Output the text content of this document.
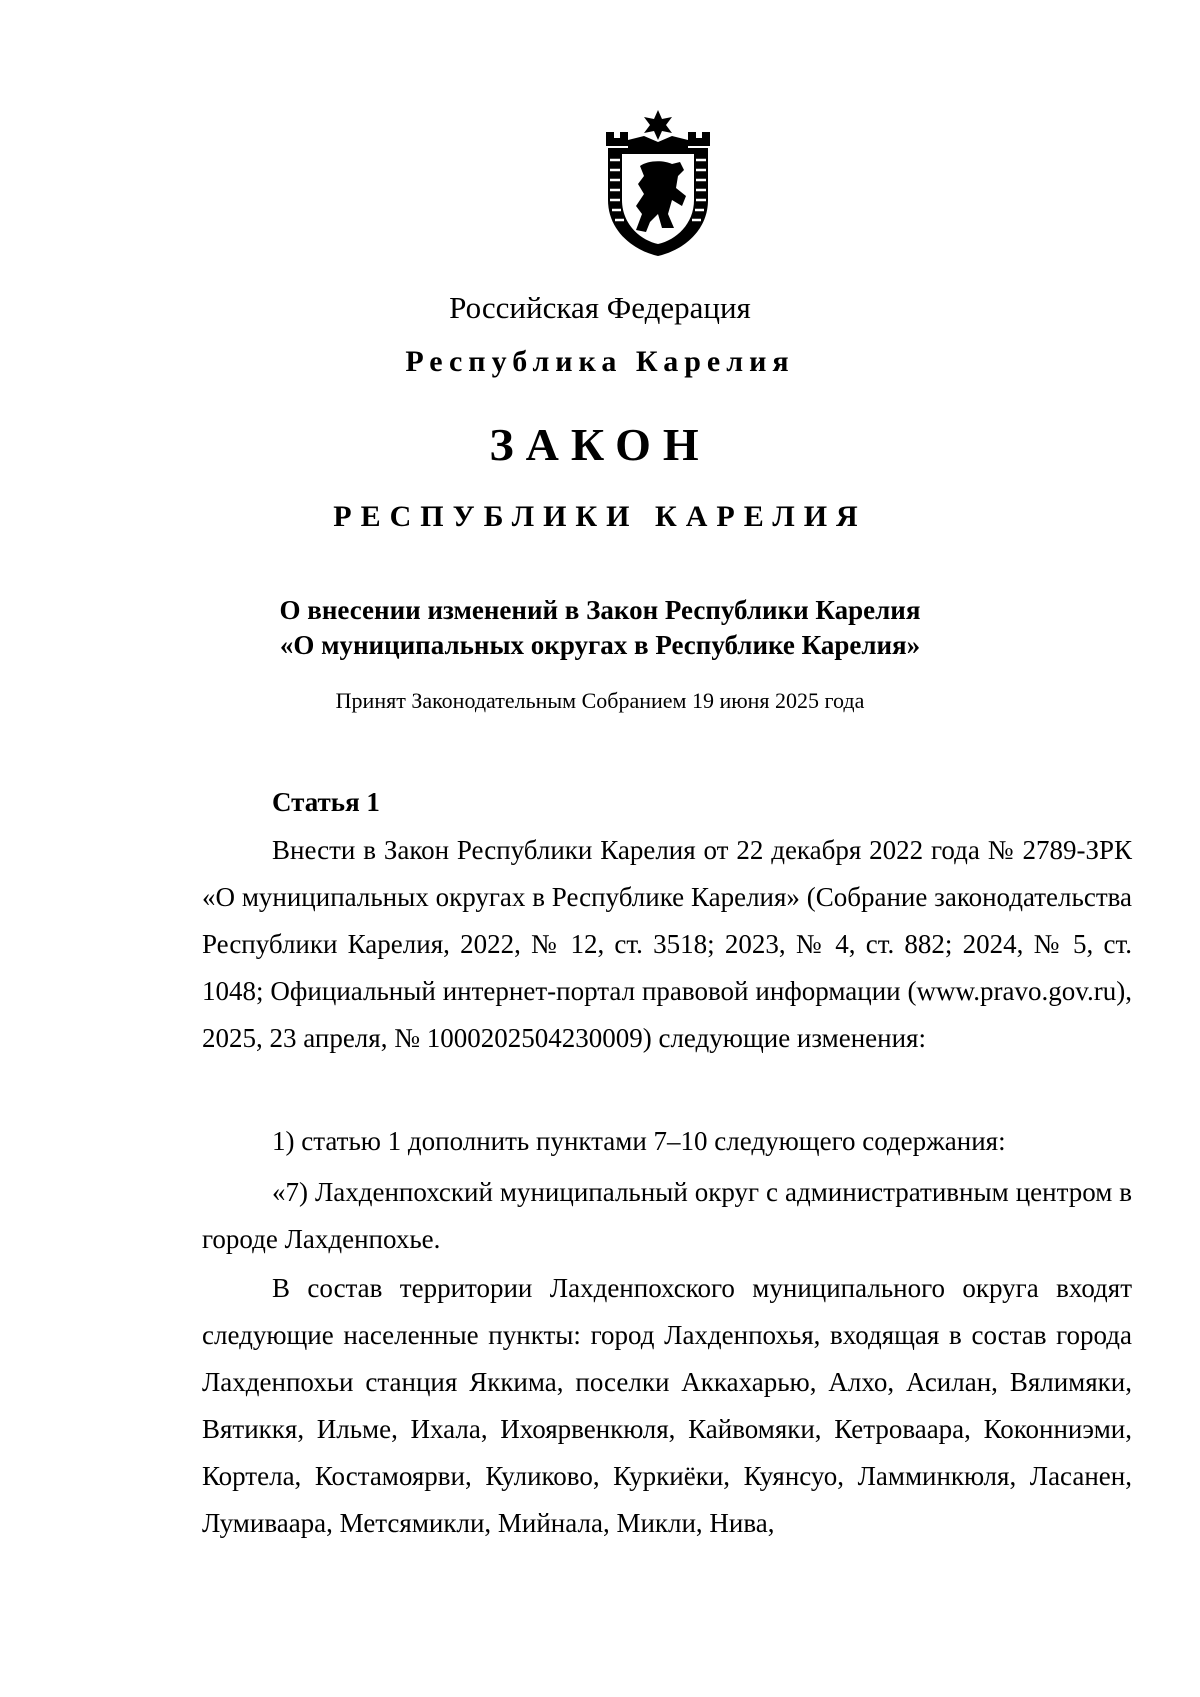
Российская Федерация
Республика Карелия
ЗАКОН
РЕСПУБЛИКИ КАРЕЛИЯ
О внесении изменений в Закон Республики Карелия
«О муниципальных округах в Республике Карелия»
Принят Законодательным Собранием 19 июня 2025 года
Статья 1

Внести в Закон Республики Карелия от 22 декабря 2022 года № 2789-ЗРК «О муниципальных округах в Республике Карелия» (Собрание законодательства Республики Карелия, 2022, № 12, ст. 3518; 2023, № 4, ст. 882; 2024, № 5, ст. 1048; Официальный интернет-портал правовой информации (www.pravo.gov.ru), 2025, 23 апреля, № 1000202504230009) следующие изменения:

1) статью 1 дополнить пунктами 7–10 следующего содержания:

«7) Лахденпохский муниципальный округ с административным центром в городе Лахденпохье.

В состав территории Лахденпохского муниципального округа входят следующие населенные пункты: город Лахденпохья, входящая в состав города Лахденпохьи станция Яккима, поселки Аккахарью, Алхо, Асилан, Вялимяки, Вятиккя, Ильме, Ихала, Ихоярвенкюля, Кайвомяки, Кетроваара, Коконниэми, Кортела, Костамоярви, Куликово, Куркиёки, Куянсуо, Ламминкюля, Ласанен, Лумиваара, Метсямикли, Мийнала, Микли, Нива,
